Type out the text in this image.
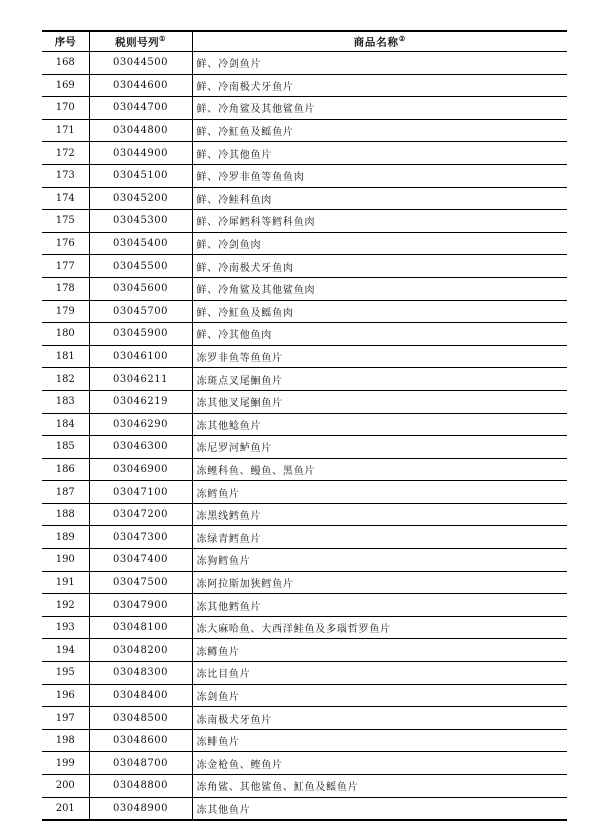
序号	税则号列①	商品名称②
168	03044500	鲜、冷剑鱼片
169	03044600	鲜、冷南极犬牙鱼片
170	03044700	鲜、冷角鲨及其他鲨鱼片
171	03044800	鲜、冷魟鱼及鳐鱼片
172	03044900	鲜、冷其他鱼片
173	03045100	鲜、冷罗非鱼等鱼鱼肉
174	03045200	鲜、冷鲑科鱼肉
175	03045300	鲜、冷犀鳕科等鳕科鱼肉
176	03045400	鲜、冷剑鱼肉
177	03045500	鲜、冷南极犬牙鱼肉
178	03045600	鲜、冷角鲨及其他鲨鱼肉
179	03045700	鲜、冷魟鱼及鳐鱼肉
180	03045900	鲜、冷其他鱼肉
181	03046100	冻罗非鱼等鱼鱼片
182	03046211	冻斑点叉尾鮰鱼片
183	03046219	冻其他叉尾鮰鱼片
184	03046290	冻其他鲶鱼片
185	03046300	冻尼罗河鲈鱼片
186	03046900	冻鲤科鱼、鳗鱼、黑鱼片
187	03047100	冻鳕鱼片
188	03047200	冻黑线鳕鱼片
189	03047300	冻绿青鳕鱼片
190	03047400	冻狗鳕鱼片
191	03047500	冻阿拉斯加狭鳕鱼片
192	03047900	冻其他鳕鱼片
193	03048100	冻大麻哈鱼、大西洋鲑鱼及多瑙哲罗鱼片
194	03048200	冻鳟鱼片
195	03048300	冻比目鱼片
196	03048400	冻剑鱼片
197	03048500	冻南极犬牙鱼片
198	03048600	冻鲱鱼片
199	03048700	冻金枪鱼、鲣鱼片
200	03048800	冻角鲨、其他鲨鱼、魟鱼及鳐鱼片
201	03048900	冻其他鱼片
